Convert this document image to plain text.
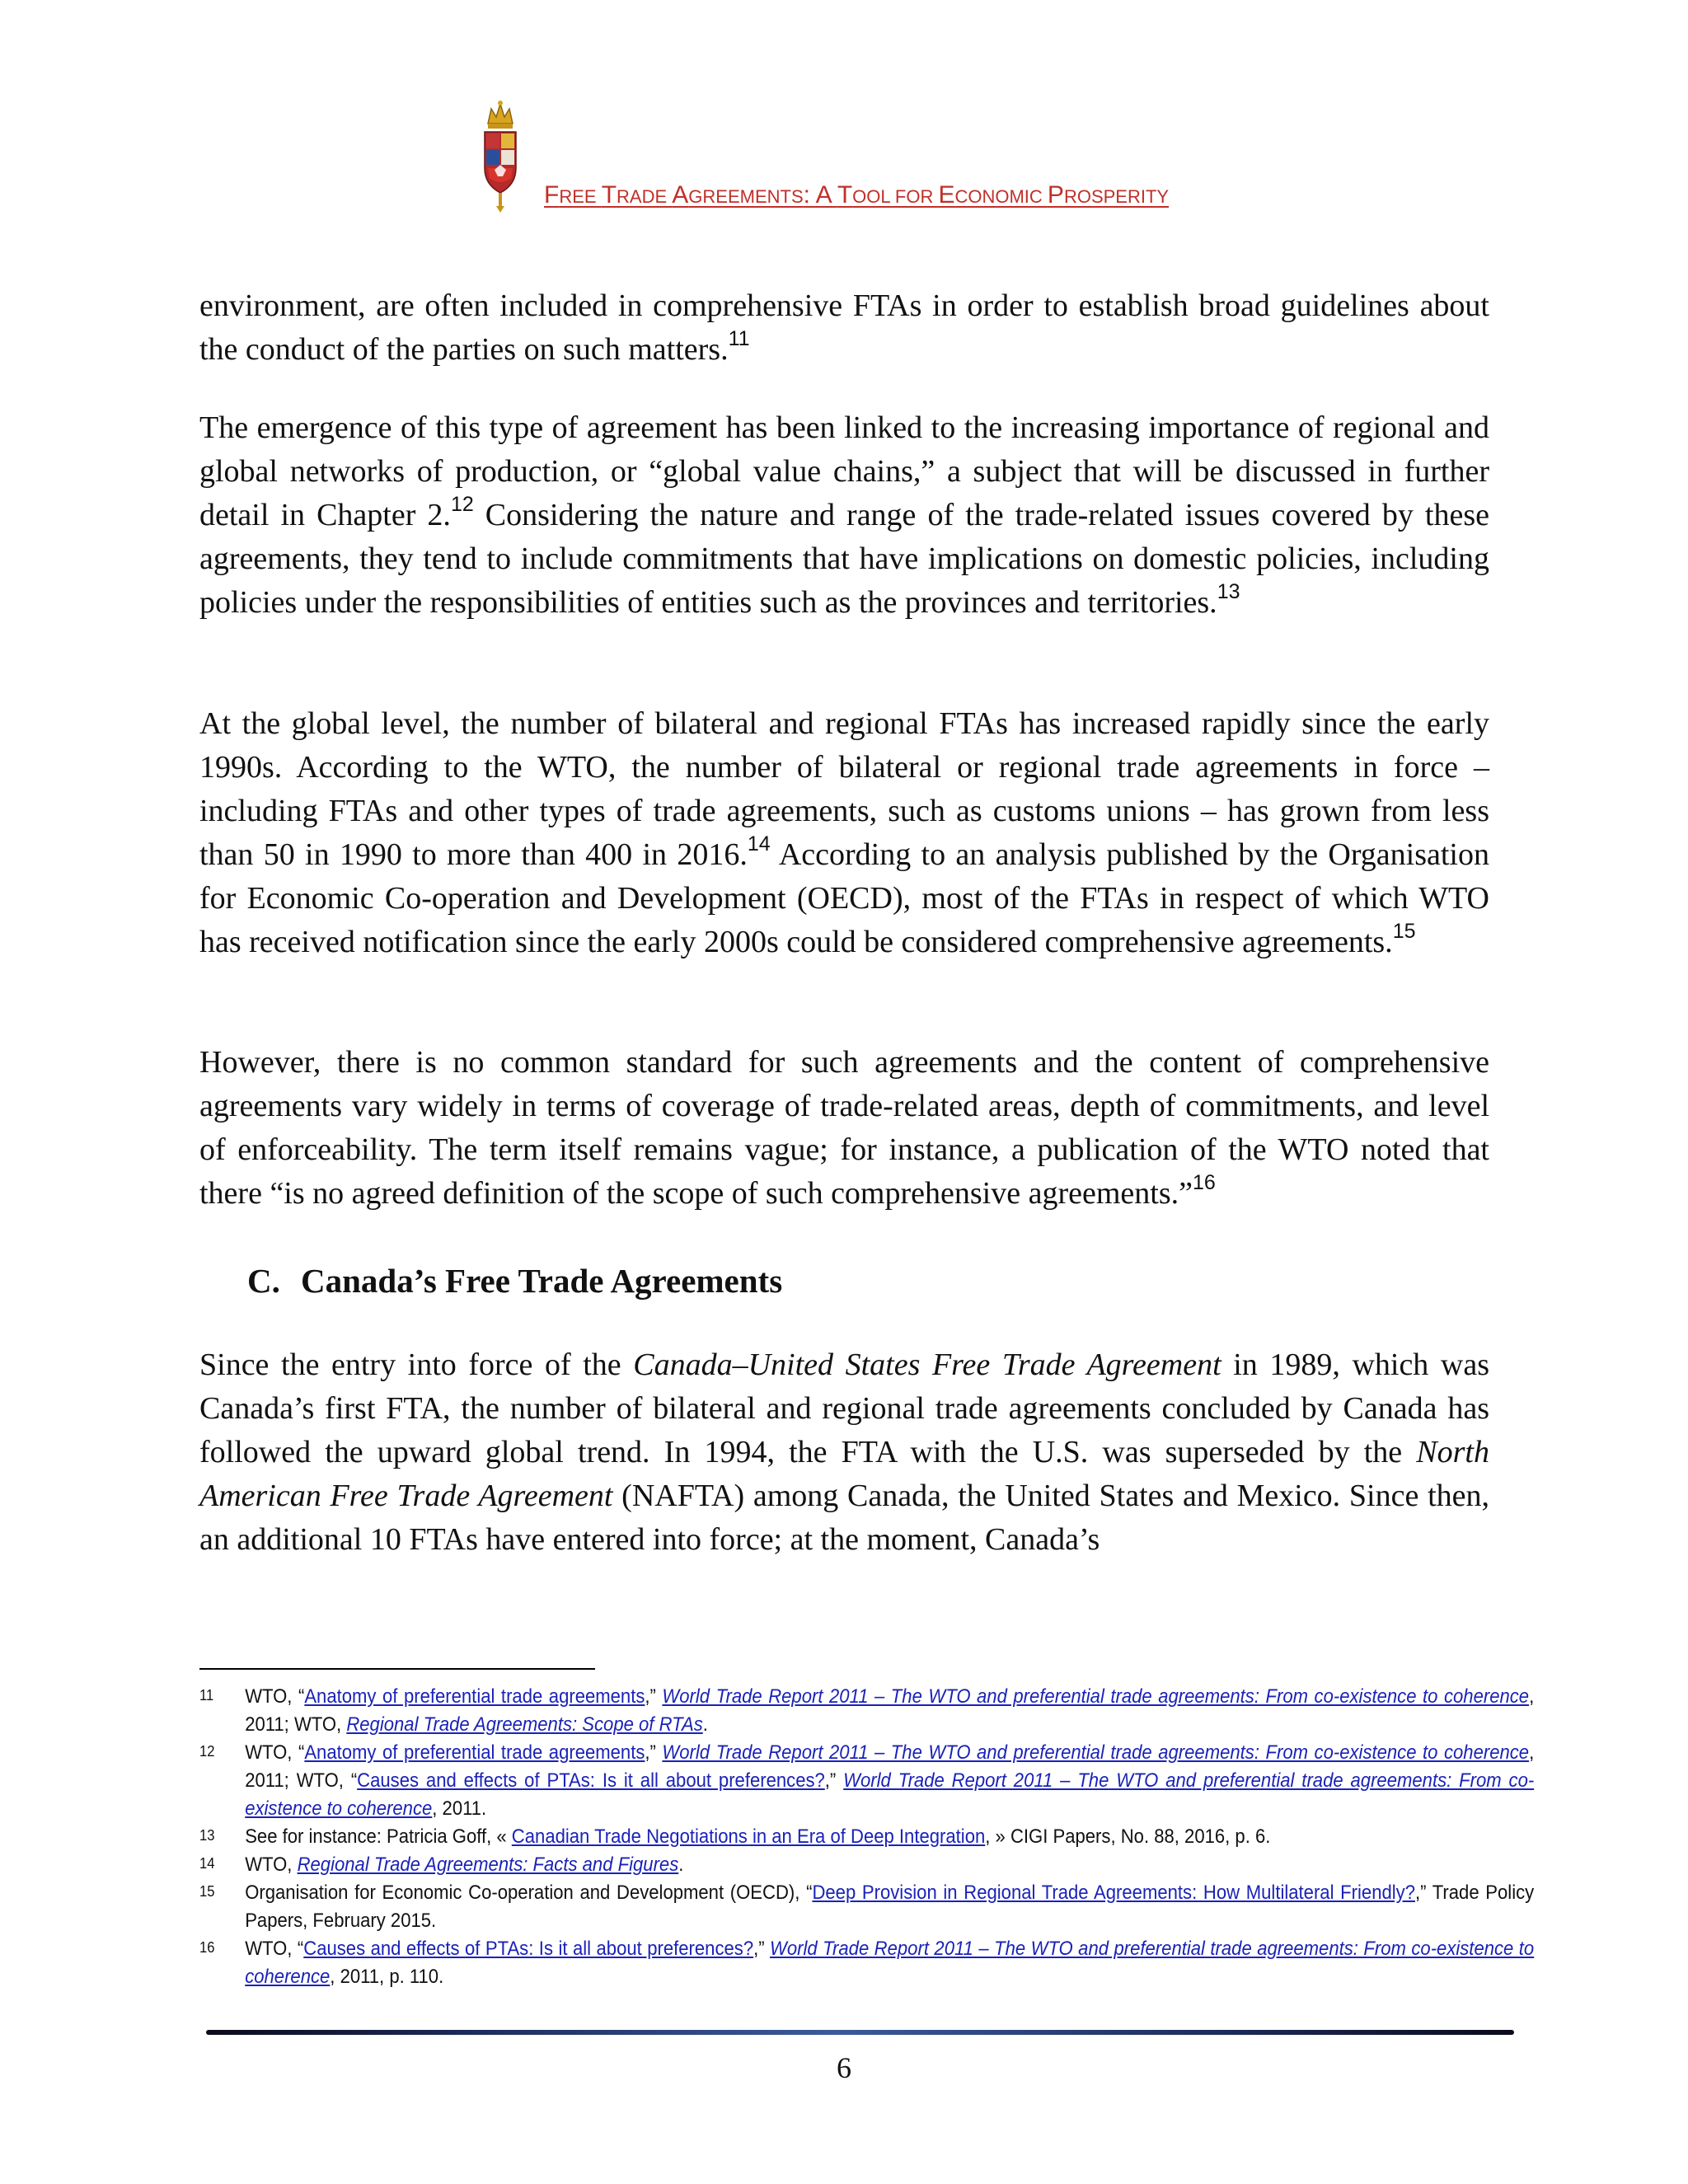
FREE TRADE AGREEMENTS: A TOOL FOR ECONOMIC PROSPERITY

environment, are often included in comprehensive FTAs in order to establish broad guidelines about the conduct of the parties on such matters.$^{11}$

The emergence of this type of agreement has been linked to the increasing importance of regional and global networks of production, or “global value chains,” a subject that will be discussed in further detail in Chapter 2.12 Considering the nature and range of the trade-related issues covered by these agreements, they tend to include commitments that have implications on domestic policies, including policies under the responsibilities of entities such as the provinces and territories.$^{13}$

At the global level, the number of bilateral and regional FTAs has increased rapidly since the early 1990s. According to the WTO, the number of bilateral or regional trade agreements in force – including FTAs and other types of trade agreements, such as customs unions – has grown from less than 50 in 1990 to more than 400 in 2016.14 According to an analysis published by the Organisation for Economic Co-operation and Development (OECD), most of the FTAs in respect of which WTO has received notification since the early 2000s could be considered comprehensive agreements.$^{15}$

However, there is no common standard for such agreements and the content of comprehensive agreements vary widely in terms of coverage of trade-related areas, depth of commitments, and level of enforceability. The term itself remains vague; for instance, a publication of the WTO noted that there “is no agreed definition of the scope of such comprehensive agreements.”$^{16}$

C. Canada’s Free Trade Agreements

Since the entry into force of the Canada–United States Free Trade Agreement in 1989, which was Canada’s first FTA, the number of bilateral and regional trade agreements concluded by Canada has followed the upward global trend. In 1994, the FTA with the U.S. was superseded by the North American Free Trade Agreement (NAFTA) among Canada, the United States and Mexico. Since then, an additional 10 FTAs have entered into force; at the moment, Canada’s

11 WTO, “Anatomy of preferential trade agreements,” World Trade Report 2011 – The WTO and preferential trade agreements: From co-existence to coherence, 2011; WTO, Regional Trade Agreements: Scope of RTAs.

12 WTO, “Anatomy of preferential trade agreements,” World Trade Report 2011 – The WTO and preferential trade agreements: From co-existence to coherence, 2011; WTO, “Causes and effects of PTAs: Is it all about preferences?,” World Trade Report 2011 – The WTO and preferential trade agreements: From co-existence to coherence, 2011.

13 See for instance: Patricia Goff, « Canadian Trade Negotiations in an Era of Deep Integration, » CIGI Papers, No. 88, 2016, p. 6.

14 WTO, Regional Trade Agreements: Facts and Figures.

15 Organisation for Economic Co-operation and Development (OECD), “Deep Provision in Regional Trade Agreements: How Multilateral Friendly?,” Trade Policy Papers, February 2015.

16 WTO, “Causes and effects of PTAs: Is it all about preferences?,” World Trade Report 2011 – The WTO and preferential trade agreements: From co-existence to coherence, 2011, p. 110.

6
